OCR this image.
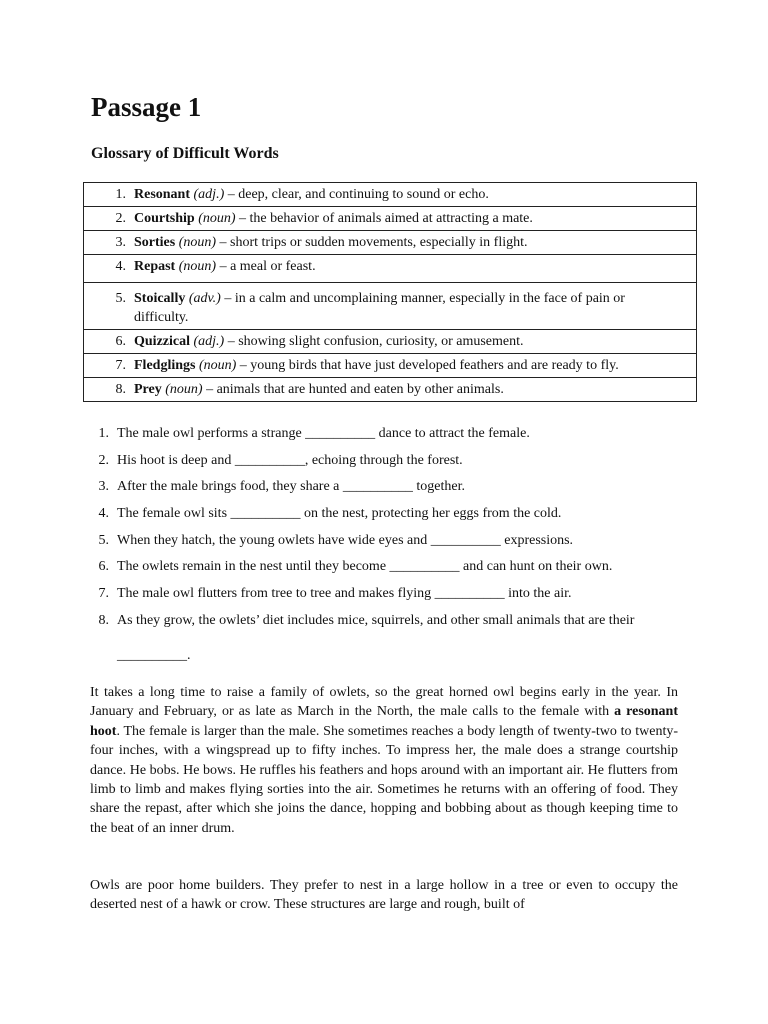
Passage 1
Glossary of Difficult Words
1. Resonant (adj.) – deep, clear, and continuing to sound or echo.
2. Courtship (noun) – the behavior of animals aimed at attracting a mate.
3. Sorties (noun) – short trips or sudden movements, especially in flight.
4. Repast (noun) – a meal or feast.
5. Stoically (adv.) – in a calm and uncomplaining manner, especially in the face of pain or difficulty.
6. Quizzical (adj.) – showing slight confusion, curiosity, or amusement.
7. Fledglings (noun) – young birds that have just developed feathers and are ready to fly.
8. Prey (noun) – animals that are hunted and eaten by other animals.
1. The male owl performs a strange __________ dance to attract the female.
2. His hoot is deep and __________, echoing through the forest.
3. After the male brings food, they share a __________ together.
4. The female owl sits __________ on the nest, protecting her eggs from the cold.
5. When they hatch, the young owlets have wide eyes and __________ expressions.
6. The owlets remain in the nest until they become __________ and can hunt on their own.
7. The male owl flutters from tree to tree and makes flying __________ into the air.
8. As they grow, the owlets’ diet includes mice, squirrels, and other small animals that are their
__________.

It takes a long time to raise a family of owlets, so the great horned owl begins early in the year. In January and February, or as late as March in the North, the male calls to the female with a resonant hoot. The female is larger than the male. She sometimes reaches a body length of twenty-two to twenty-four inches, with a wingspread up to fifty inches. To impress her, the male does a strange courtship dance. He bobs. He bows. He ruffles his feathers and hops around with an important air. He flutters from limb to limb and makes flying sorties into the air. Sometimes he returns with an offering of food. They share the repast, after which she joins the dance, hopping and bobbing about as though keeping time to the beat of an inner drum.

Owls are poor home builders. They prefer to nest in a large hollow in a tree or even to occupy the deserted nest of a hawk or crow. These structures are large and rough, built of
